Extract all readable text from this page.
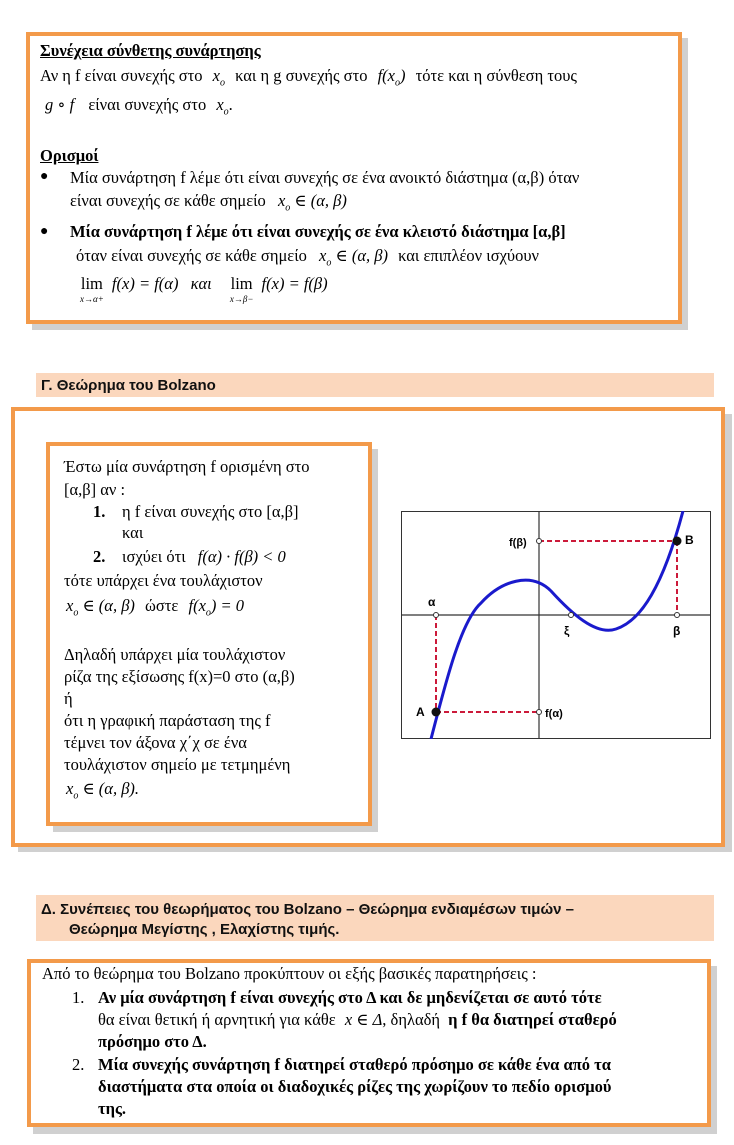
Συνέχεια σύνθετης συνάρτησης
Αν η f είναι συνεχής στο $x_o$ και η g συνεχής στο $f(x_o)$ τότε και η σύνθεση τους
g ∘ f είναι συνεχής στο $x_o$.
Ορισμοί
● Μία συνάρτηση f λέμε ότι είναι συνεχής σε ένα ανοικτό διάστημα (α,β) όταν
είναι συνεχής σε κάθε σημείο $x_o$ ∈ (α, β)
● Μία συνάρτηση f λέμε ότι είναι συνεχής σε ένα κλειστό διάστημα [α,β]
όταν είναι συνεχής σε κάθε σημείο $x_o$ ∈ (α, β) και επιπλέον ισχύουν
lim

x→α+
f(x) = f(α) και lim

x→β−
f(x) = f(β)
Γ. Θεώρημα του Bolzano
Έστω μία συνάρτηση f ορισμένη στο
[α,β] αν :
1. η f είναι συνεχής στο [α,β]
και
2. ισχύει ότι f(α) · f(β) < 0
τότε υπάρχει ένα τουλάχιστον
$x_o$ ∈ (α, β) ώστε $f(x_o) = 0$
Δηλαδή υπάρχει μία τουλάχιστον
ρίζα της εξίσωσης f(x)=0 στο (α,β)
ή
ότι η γραφική παράσταση της f
τέμνει τον άξονα χ΄χ σε ένα
τουλάχιστον σημείο με τετμημένη
$x_o$ ∈ (α, β).
f(β)	B
α
ξ	β
A	f(α)
Δ. Συνέπειες του θεωρήματος του Bolzano – Θεώρημα ενδιαμέσων τιμών –
Θεώρημα Μεγίστης , Ελαχίστης τιμής.
Από το θεώρημα του Bolzano προκύπτουν οι εξής βασικές παρατηρήσεις :
1. Αν μία συνάρτηση f είναι συνεχής στο Δ και δε μηδενίζεται σε αυτό τότε
θα είναι θετική ή αρνητική για κάθε x ∈ Δ, δηλαδή η f θα διατηρεί σταθερό
πρόσημο στο Δ.
2. Μία συνεχής συνάρτηση f διατηρεί σταθερό πρόσημο σε κάθε ένα από τα
διαστήματα στα οποία οι διαδοχικές ρίζες της χωρίζουν το πεδίο ορισμού
της.
